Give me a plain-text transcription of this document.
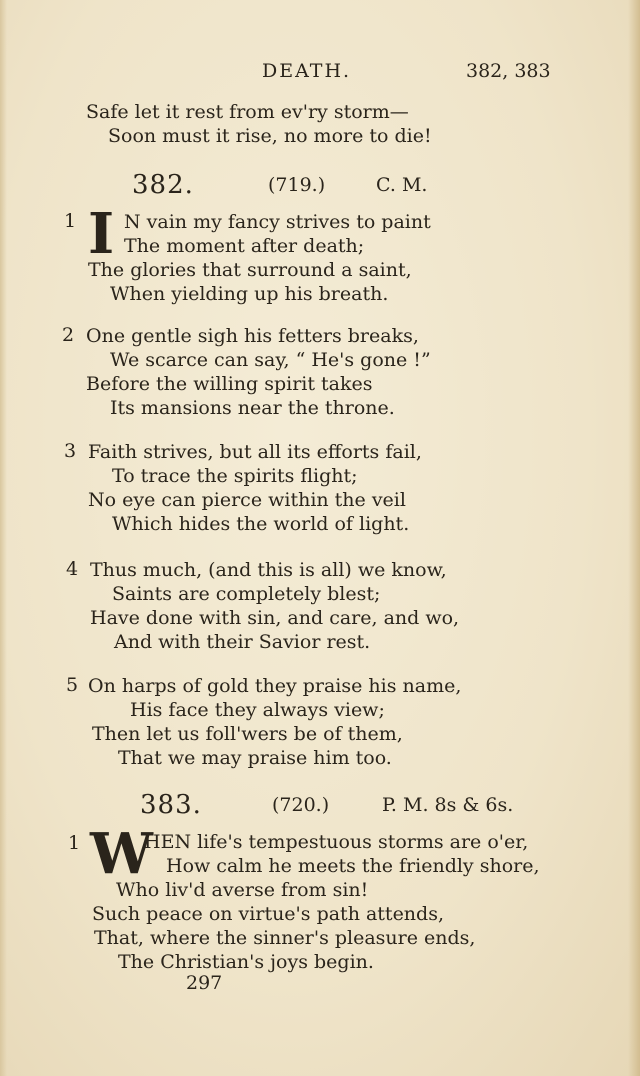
DEATH.	382, 383
Safe let it rest from ev'ry storm—
Soon must it rise, no more to die!
382.	(719.)	C. M.
1 I N vain my fancy strives to paint
The moment after death;
The glories that surround a saint,
When yielding up his breath.
2 One gentle sigh his fetters breaks,
We scarce can say, “ He's gone !”
Before the willing spirit takes
Its mansions near the throne.
3 Faith strives, but all its efforts fail,
To trace the spirits flight;
No eye can pierce within the veil
Which hides the world of light.
4 Thus much, (and this is all) we know,
Saints are completely blest;
Have done with sin, and care, and wo,
And with their Savior rest.
5 On harps of gold they praise his name,
His face they always view;
Then let us foll'wers be of them,
That we may praise him too.
383.	(720.)	P. M. 8s & 6s.
1 W
HEN life's tempestuous storms are o'er,
How calm he meets the friendly shore,
Who liv'd averse from sin!
Such peace on virtue's path attends,
That, where the sinner's pleasure ends,
The Christian's joys begin.
297
